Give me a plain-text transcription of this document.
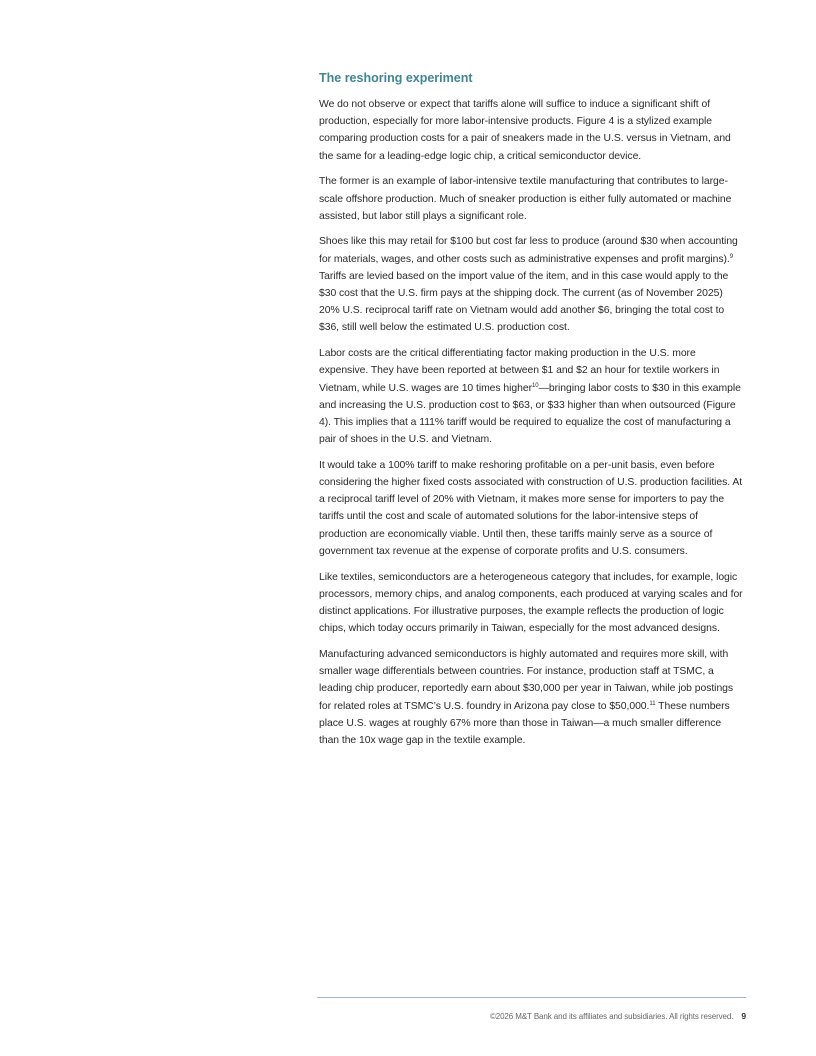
The reshoring experiment

We do not observe or expect that tariffs alone will suffice to induce a significant shift of production, especially for more labor-intensive products. Figure 4 is a stylized example comparing production costs for a pair of sneakers made in the U.S. versus in Vietnam, and the same for a leading-edge logic chip, a critical semiconductor device.

The former is an example of labor-intensive textile manufacturing that contributes to large-scale offshore production. Much of sneaker production is either fully automated or machine assisted, but labor still plays a significant role.

Shoes like this may retail for $100 but cost far less to produce (around $30 when accounting for materials, wages, and other costs such as administrative expenses and profit margins).$^9$ Tariffs are levied based on the import value of the item, and in this case would apply to the $30 cost that the U.S. firm pays at the shipping dock. The current (as of November 2025) 20% U.S. reciprocal tariff rate on Vietnam would add another $6, bringing the total cost to $36, still well below the estimated U.S. production cost.

Labor costs are the critical differentiating factor making production in the U.S. more expensive. They have been reported at between $1 and $2 an hour for textile workers in Vietnam, while U.S. wages are 10 times higher$^{10}$—bringing labor costs to $30 in this example and increasing the U.S. production cost to $63, or $33 higher than when outsourced (Figure 4). This implies that a 111% tariff would be required to equalize the cost of manufacturing a pair of shoes in the U.S. and Vietnam.

It would take a 100% tariff to make reshoring profitable on a per-unit basis, even before considering the higher fixed costs associated with construction of U.S. production facilities. At a reciprocal tariff level of 20% with Vietnam, it makes more sense for importers to pay the tariffs until the cost and scale of automated solutions for the labor-intensive steps of production are economically viable. Until then, these tariffs mainly serve as a source of government tax revenue at the expense of corporate profits and U.S. consumers.

Like textiles, semiconductors are a heterogeneous category that includes, for example, logic processors, memory chips, and analog components, each produced at varying scales and for distinct applications. For illustrative purposes, the example reflects the production of logic chips, which today occurs primarily in Taiwan, especially for the most advanced designs.

Manufacturing advanced semiconductors is highly automated and requires more skill, with smaller wage differentials between countries. For instance, production staff at TSMC, a leading chip producer, reportedly earn about $30,000 per year in Taiwan, while job postings for related roles at TSMC’s U.S. foundry in Arizona pay close to $50,000.11 These numbers place U.S. wages at roughly 67% more than those in Taiwan—a much smaller difference than the 10x wage gap in the textile example.

©2026 M&T Bank and its affiliates and subsidiaries. All rights reserved. 9
